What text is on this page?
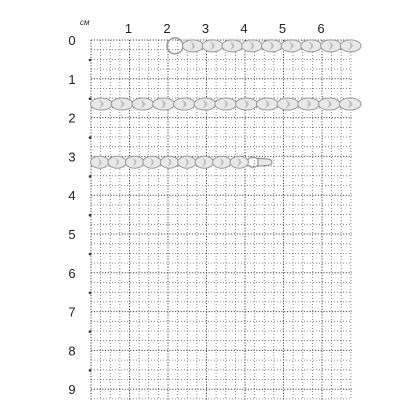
см	1 2 3 4 5 6
0
1
2
3
4
5
6
7
8
9
